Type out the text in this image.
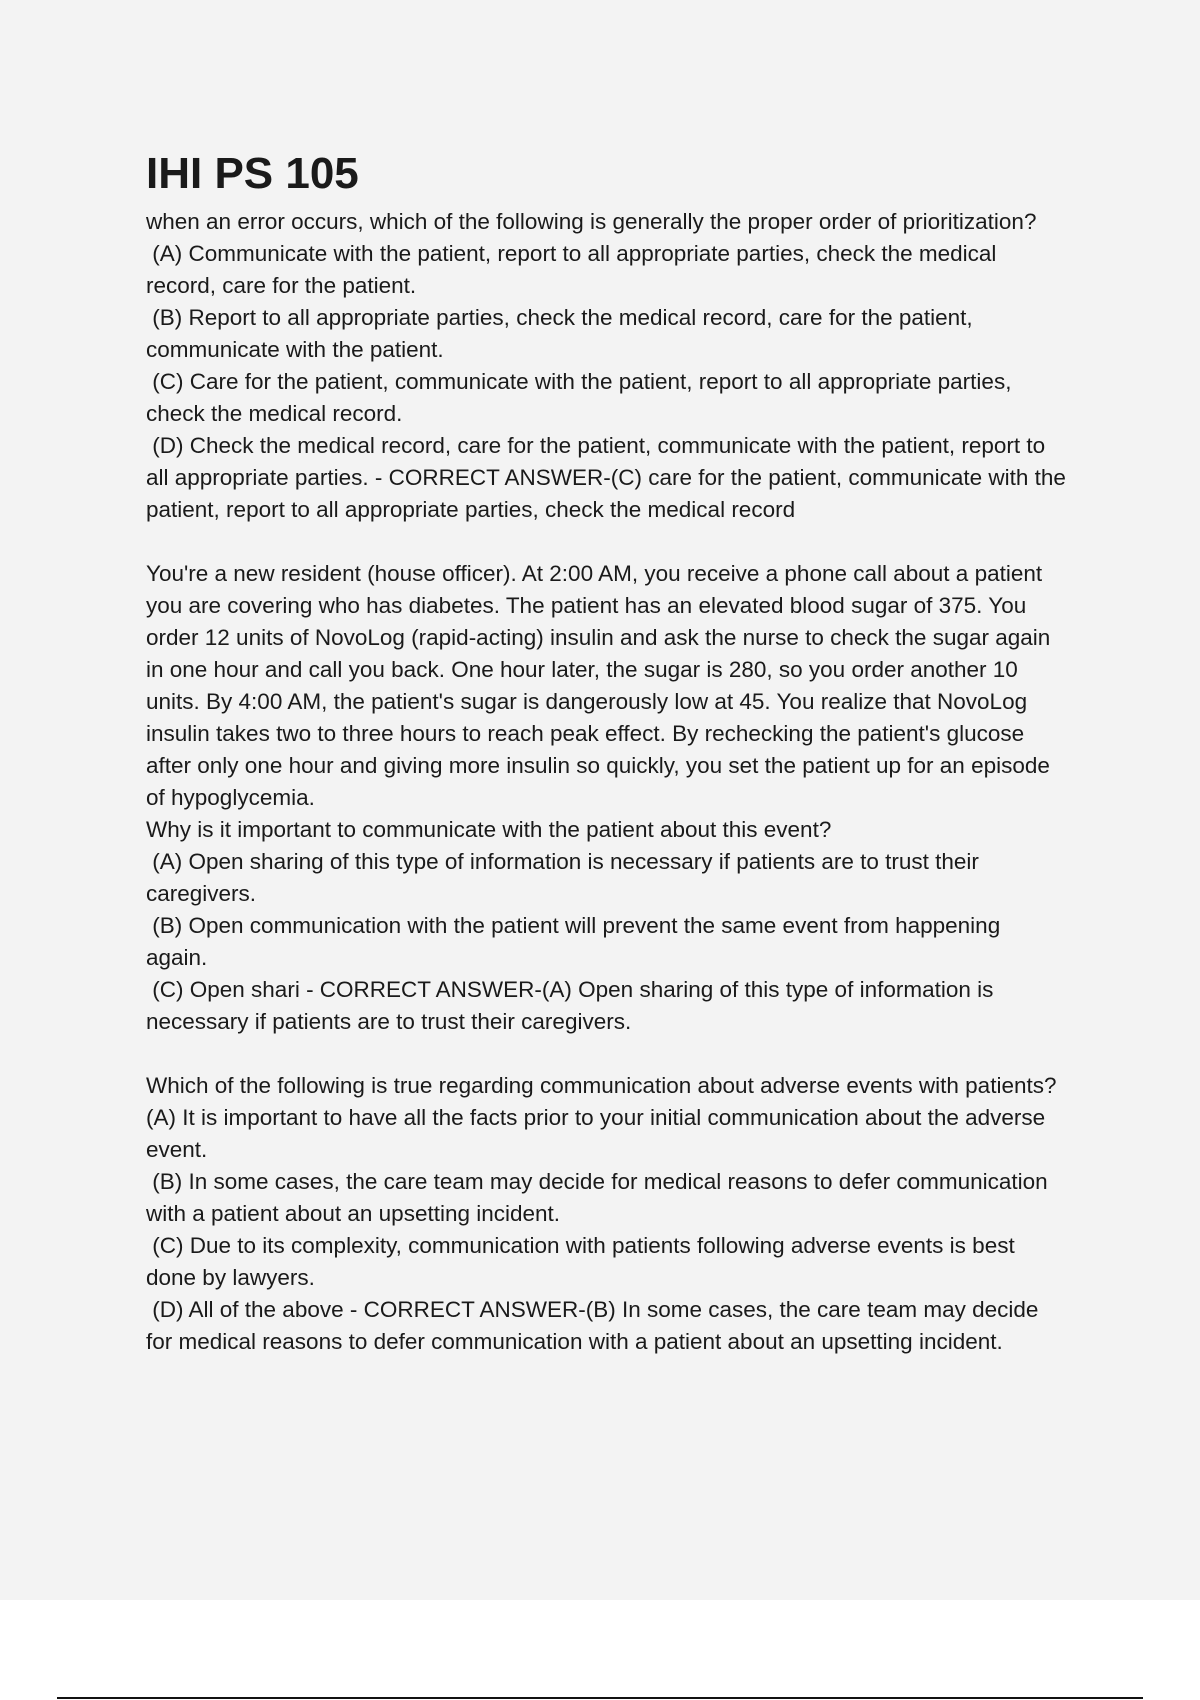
IHI PS 105

when an error occurs, which of the following is generally the proper order of prioritization?

(A) Communicate with the patient, report to all appropriate parties, check the medical record, care for the patient.

(B) Report to all appropriate parties, check the medical record, care for the patient, communicate with the patient.

(C) Care for the patient, communicate with the patient, report to all appropriate parties, check the medical record.

(D) Check the medical record, care for the patient, communicate with the patient, report to all appropriate parties. - CORRECT ANSWER-(C) care for the patient, communicate with the patient, report to all appropriate parties, check the medical record

You're a new resident (house officer). At 2:00 AM, you receive a phone call about a patient you are covering who has diabetes. The patient has an elevated blood sugar of 375. You order 12 units of NovoLog (rapid-acting) insulin and ask the nurse to check the sugar again in one hour and call you back. One hour later, the sugar is 280, so you order another 10 units. By 4:00 AM, the patient's sugar is dangerously low at 45. You realize that NovoLog insulin takes two to three hours to reach peak effect. By rechecking the patient's glucose after only one hour and giving more insulin so quickly, you set the patient up for an episode of hypoglycemia.

Why is it important to communicate with the patient about this event?

(A) Open sharing of this type of information is necessary if patients are to trust their caregivers.

(B) Open communication with the patient will prevent the same event from happening again.

(C) Open shari - CORRECT ANSWER-(A) Open sharing of this type of information is necessary if patients are to trust their caregivers.

Which of the following is true regarding communication about adverse events with patients?

(A) It is important to have all the facts prior to your initial communication about the adverse event.

(B) In some cases, the care team may decide for medical reasons to defer communication with a patient about an upsetting incident.

(C) Due to its complexity, communication with patients following adverse events is best done by lawyers.

(D) All of the above - CORRECT ANSWER-(B) In some cases, the care team may decide for medical reasons to defer communication with a patient about an upsetting incident.
